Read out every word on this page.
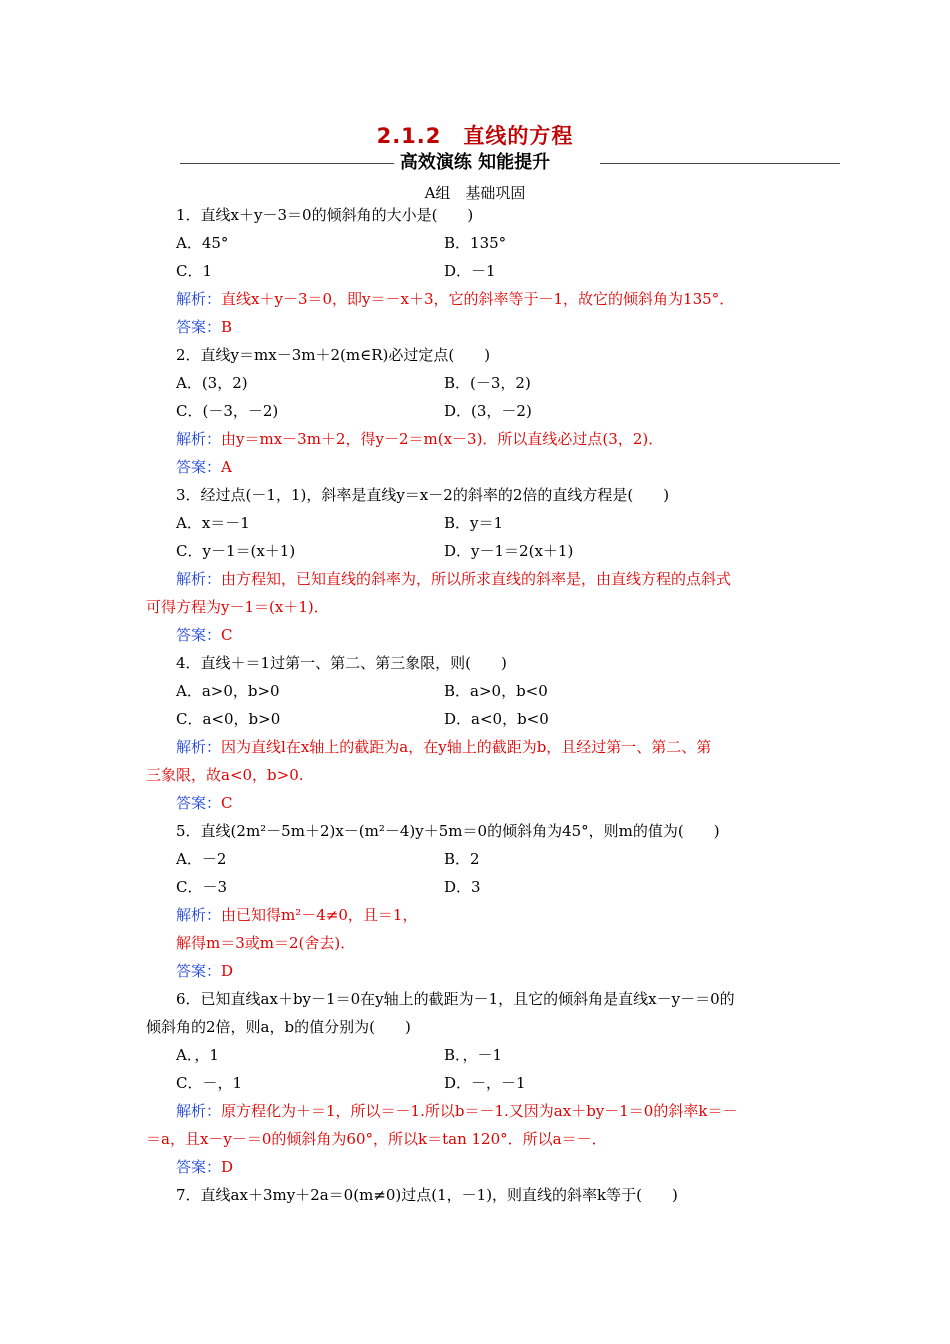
2.1.2　直线的方程
高效演练 知能提升
A组　基础巩固
1．直线x＋y－3＝0的倾斜角的大小是(　　)
A．45°	B．135°
C．1	D．－1
解析：直线x＋y－3＝0，即y＝－x＋3，它的斜率等于－1，故它的倾斜角为135°．
答案：B
2．直线y＝mx－3m＋2(m∈R)必过定点(　　)
A．(3，2)	B．(－3，2)
C．(－3，－2)	D．(3，－2)
解析：由y＝mx－3m＋2，得y－2＝m(x－3)．所以直线必过点(3，2)．
答案：A
3．经过点(－1，1)，斜率是直线y＝x－2的斜率的2倍的直线方程是(　　)
A．x＝－1	B．y＝1
C．y－1＝(x＋1)	D．y－1＝2(x＋1)
解析：由方程知，已知直线的斜率为，所以所求直线的斜率是，由直线方程的点斜式
可得方程为y－1＝(x＋1)．
答案：C
4．直线＋＝1过第一、第二、第三象限，则(　　)
A．a>0，b>0	B．a>0，b<0
C．a<0，b>0	D．a<0，b<0
解析：因为直线l在x轴上的截距为a，在y轴上的截距为b，且经过第一、第二、第
三象限，故a<0，b>0.
答案：C
5．直线(2m²－5m＋2)x－(m²－4)y＋5m＝0的倾斜角为45°，则m的值为(　　)
A．－2	B．2
C．－3	D．3
解析：由已知得m²－4≠0，且＝1，
解得m＝3或m＝2(舍去)．
答案：D
6．已知直线ax＋by－1＝0在y轴上的截距为－1，且它的倾斜角是直线x－y－＝0的
倾斜角的2倍，则a，b的值分别为(　　)
A．，1	B．，－1
C．－，1	D．－，－1
解析：原方程化为＋＝1，所以＝－1.所以b＝－1.又因为ax＋by－1＝0的斜率k＝－
＝a，且x－y－＝0的倾斜角为60°，所以k＝tan 120°．所以a＝－．
答案：D
7．直线ax＋3my＋2a＝0(m≠0)过点(1，－1)，则直线的斜率k等于(　　)
